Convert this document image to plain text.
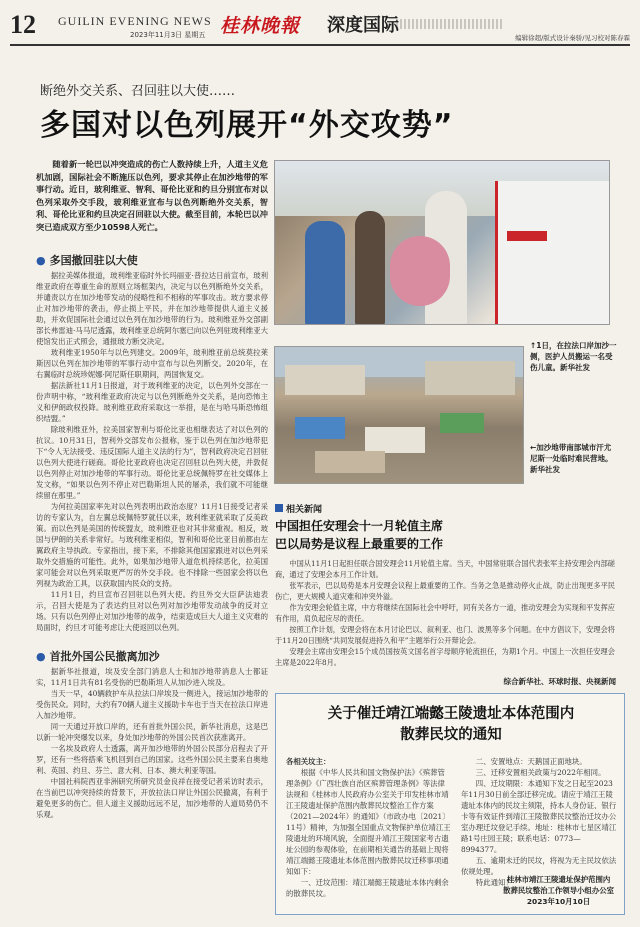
12 GUILIN EVENING NEWS
2023年11月3日 星期五 桂林晚報 深度国际
编辑徐超/版式设计秦骄/见习校对陈春霖
断绝外交关系、召回驻以大使……
多国对以色列展开“外交攻势”

随着新一轮巴以冲突造成的伤亡人数持续上升，人道主义危机加剧，国际社会不断施压以色列，要求其停止在加沙地带的军事行动。近日，玻利维亚、智利、哥伦比亚和约旦分别宣布对以色列采取外交手段，玻利维亚宣布与以色列断绝外交关系，智利、哥伦比亚和约旦决定召回驻以大使。截至目前，本轮巴以冲突已造成双方至少10598人死亡。

● 多国撤回驻以大使

据拉美媒体报道，玻利维亚临时外长玛丽亚·普拉达日前宣布，玻利维亚政府在尊重生命的原则立场框架内，决定与以色列断绝外交关系，并谴责以方在加沙地带发动的侵略性和不相称的军事攻击。玻方要求停止对加沙地带的袭击，停止损上平民，并在加沙地带提供人道主义援助，并欢促国际社会通过以色列在加沙地带的行为。玻利维亚外交部副部长弗雷迪·马马尼透露，玻利维亚总统阿尔塞已向以色列驻玻利维亚大使馆发出正式照会，通报玻方断交决定。

玻利维亚1950年与以色列建交。2009年，玻利维亚前总统莫拉莱斯因以色列在加沙地带的军事行动中宣布与以色列断交。2020年，在右翼临时总统珍妮娜·阿尼斯任职期间，两国恢复交。

据法新社11月1日报道，对于玻利维亚的决定，以色列外交部在一份声明中称，“玻利维亚政府决定与以色列断绝外交关系，是向恐怖主义和伊朗政权投降。玻利维亚政府采取这一举措，是在与哈马斯恐怖组织结盟。”

除玻利维亚外，拉美国家智利与哥伦比亚也相继表达了对以色列的抗议。10月31日，智利外交部发布公报称，鉴于以色列在加沙地带犯下“令人无法接受、违反国际人道主义法的行为”，智利政府决定召回驻以色列大使进行磋商。哥伦比亚政府也决定召回驻以色列大使，并敦促以色列停止对加沙地带的军事行动。哥伦比亚总统佩特罗在社交媒体上发文称，“如果以色列不停止对巴勒斯坦人民的屠杀，我们就不可能继续留在那里。”

为何拉美国家率先对以色列表明出政治态度？11月1日接受记者采访的专家认为，自左翼总统佩特罗就任以来，玻利维亚就采取了反美政策。而以色列是美国的传统盟友，玻利维亚也对其非常重视。相反，玻国与伊朗的关系非常好。与玻利维亚相似，智利和哥伦比亚目前都由左翼政府主导执政。专家指出，接下来，不排除其他国家跟进对以色列采取外交措施的可能性。此外，如果加沙地带人道危机持续恶化，拉美国家可能会对以色列采取更严厉的外交手段。也不排除一些国家会将以色列视为政治工具，以获取国内民众的支持。

11月1日，约旦宣布召回驻以色列大使。约旦外交大臣萨法迪表示，召回大使是为了表达约旦对以色列对加沙地带发动战争的反对立场。只有以色列停止对加沙地带的战争，结束造成巨大人道主义灾难的局面时，约旦才可能考虑让大使返回以色列。

● 首批外国公民撤离加沙

据新华社报道，埃及安全部门消息人士和加沙地带消息人士都证实，11月1日共有81名受伤的巴勒斯坦人从加沙进入埃及。

当天一早，40辆救护车从拉法口岸埃及一侧进入，接运加沙地带的受伤民众。同时，大约有70辆人道主义援助卡车也于当天在拉法口岸进入加沙地带。

同一天通过开放口岸的，还有首批外国公民，新华社消息，这是巴以新一轮冲突爆发以来，身处加沙地带的外国公民首次获准离开。

一名埃及政府人士透露，离开加沙地带的外国公民部分启程去了开罗，还有一些将搭乘飞机回到自己的国家。这些外国公民主要来自奥地利、英国、约旦、芬兰、意大利、日本、澳大利亚等国。

中国社科院西亚非洲研究所研究员金良祥在接受记者采访时表示，在当前巴以冲突持续的背景下，开放拉法口岸让外国公民撤离，有利于避免更多的伤亡。但人道主义援助远远不足，加沙地带的人道局势仍不乐观。

↑1日，在拉法口岸加沙一侧，医护人员搬运一名受伤儿童。新华社发
←加沙地带南部城市汗尤尼斯一处临时难民营地。新华社发
相关新闻
中国担任安理会十一月轮值主席
巴以局势是议程上最重要的工作

中国从11月1日起担任联合国安理会11月轮值主席。当天，中国常驻联合国代表张军主持安理会内部磋商，通过了安理会本月工作计划。

张军表示，巴以局势是本月安理会议程上最重要的工作。当务之急是推动停火止战，防止出现更多平民伤亡，更大规模人道灾难和冲突外溢。

作为安理会轮值主席，中方将继续在国际社会中呼吁，同有关各方一道，推动安理会为实现和平发挥应有作用，肩负起应尽的责任。

按照工作计划，安理会将在本月讨论巴以、叙利亚、也门、波黑等多个问题。在中方倡议下，安理会将于11月20日围绕“共同发展促进持久和平”主题举行公开辩论会。

安理会主席由安理会15个成员国按英文国名首字母顺序轮流担任，为期1个月。中国上一次担任安理会主席是2022年8月。

综合新华社、环球时报、央视新闻
关于催迁靖江端懿王陵遗址本体范围内
散葬民坟的通知
各相关坟主：

根据《中华人民共和国文物保护法》《殡葬管理条例》《广西壮族自治区殡葬管理条例》等法律法规和《桂林市人民政府办公室关于印发桂林市靖江王陵遗址保护范围内散葬民坟整治工作方案（2021—2024年）的通知》（市政办电〔2021〕11号）精神，为加强全国重点文物保护单位靖江王陵遗址的环境风貌，全面提升靖江王陵国家考古遗址公园的参观体验，在前期相关通告的基础上现将靖江端懿王陵遗址本体范围内散葬民坟迁移事项通知如下：

一、迁坟范围：靖江端懿王陵遗址本体内剩余的散葬民坟。

二、安置地点：天鹅国正面地块。

三、迁移安置相关政策与2022年相同。

四、迁坟期限：本通知下发之日起至2023年11月30日前全部迁移完成。请应于靖江王陵遗址本体内的民坟主须限，持本人身份证、银行卡等有效证件到靖江王陵散葬民坟整治迁坟办公室办理迁坟登记手续。地址：桂林市七星区靖江路1号庄园王陵；联系电话：0773—8994377。

五、逾期未迁的民坟，将视为无主民坟依法依规处理。

特此通知！

桂林市靖江王陵遗址保护范围内
散葬民坟整治工作领导小组办公室
2023年10月10日
